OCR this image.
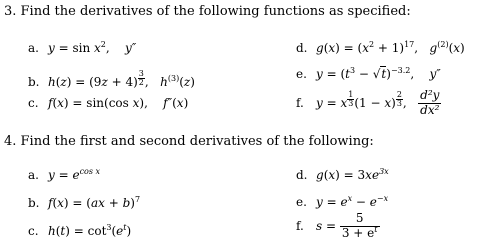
3. Find the derivatives of the following functions as specified:
a. $y = \sin x^2$,    y″
b. h(z) = (9z + 4) $^{\frac{3}{2}}$ ,   $h^{(3)}(z)$
c. f(x) = sin(cos x),    f″(x)
d. $g(x) = (x^2 + 1)^{17}$,   $g^{(2)}(x)$
e. $y = (t^3 - √t)^{-3.2}$,    y″
f. y = x $^{\frac{1}{3}}$ (1 − x) $^{\frac{2}{3}}$ , $\frac{\text{d²y}}{\text{dx²}}$
4. Find the first and second derivatives of the following:
a. $y = e^{cos x}$
b. f(x) = (ax + b)$^7$
c. $h(t) = \cot^3(e^t)$
d. $g(x) = 3xe^{3x}$
e. $y = e^x - e^{-x}$
f. $s = \frac{5}{3 + e^t}$
